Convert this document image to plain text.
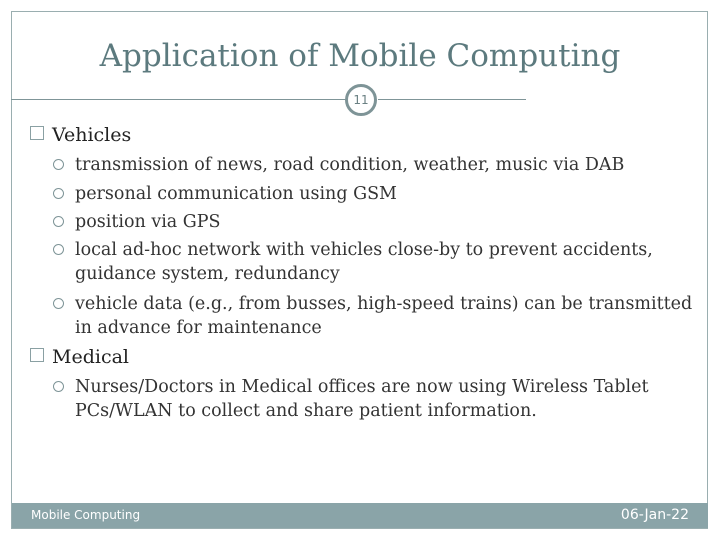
Application of Mobile Computing
11
Vehicles
transmission of news, road condition, weather, music via DAB
personal communication using GSM
position via GPS
local ad-hoc network with vehicles close-by to prevent accidents, guidance system, redundancy
vehicle data (e.g., from busses, high-speed trains) can be transmitted in advance for maintenance
Medical
Nurses/Doctors in Medical offices are now using Wireless Tablet PCs/WLAN to collect and share patient information.
Mobile Computing	06-Jan-22
